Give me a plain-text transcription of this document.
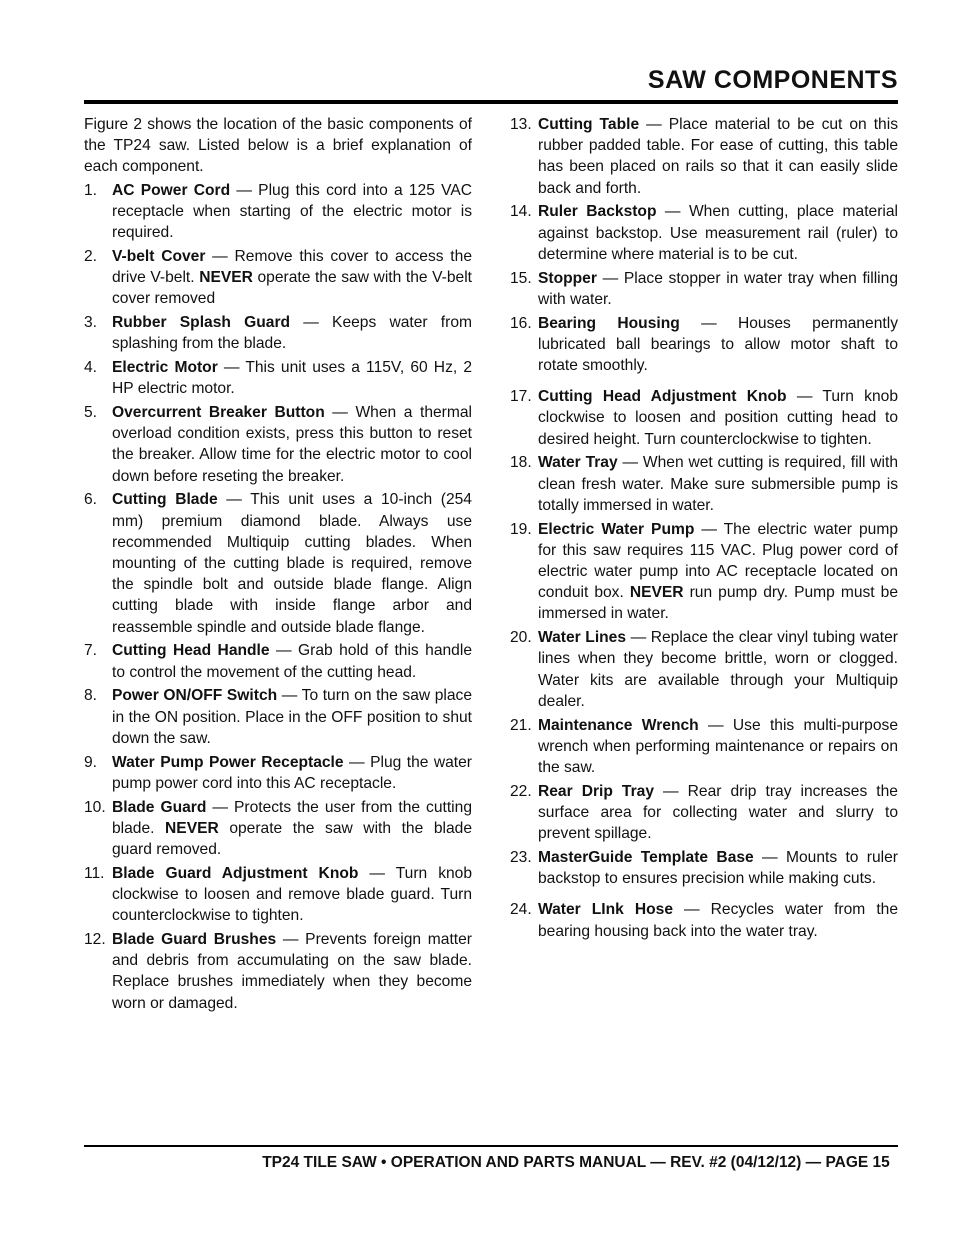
SAW COMPONENTS

Figure 2 shows the location of the basic components of the TP24 saw. Listed below is a brief explanation of each component.

1. AC Power Cord — Plug this cord into a 125 VAC receptacle when starting of the electric motor is required.
2. V-belt Cover — Remove this cover to access the drive V-belt. NEVER operate the saw with the V-belt cover removed
3. Rubber Splash Guard — Keeps water from splashing from the blade.
4. Electric Motor — This unit uses a 115V, 60 Hz, 2 HP electric motor.
5. Overcurrent Breaker Button — When a thermal overload condition exists, press this button to reset the breaker. Allow time for the electric motor to cool down before reseting the breaker.
6. Cutting Blade — This unit uses a 10-inch (254 mm) premium diamond blade. Always use recommended Multiquip cutting blades. When mounting of the cutting blade is required, remove the spindle bolt and outside blade flange. Align cutting blade with inside flange arbor and reassemble spindle and outside blade flange.
7. Cutting Head Handle — Grab hold of this handle to control the movement of the cutting head.
8. Power ON/OFF Switch — To turn on the saw place in the ON position. Place in the OFF position to shut down the saw.
9. Water Pump Power Receptacle — Plug the water pump power cord into this AC receptacle.
10. Blade Guard — Protects the user from the cutting blade. NEVER operate the saw with the blade guard removed.
11. Blade Guard Adjustment Knob — Turn knob clockwise to loosen and remove blade guard. Turn counterclockwise to tighten.
12. Blade Guard Brushes — Prevents foreign matter and debris from accumulating on the saw blade. Replace brushes immediately when they become worn or damaged.
13. Cutting Table — Place material to be cut on this rubber padded table. For ease of cutting, this table has been placed on rails so that it can easily slide back and forth.
14. Ruler Backstop — When cutting, place material against backstop. Use measurement rail (ruler) to determine where material is to be cut.
15. Stopper — Place stopper in water tray when filling with water.
16. Bearing Housing — Houses permanently lubricated ball bearings to allow motor shaft to rotate smoothly.
17. Cutting Head Adjustment Knob — Turn knob clockwise to loosen and position cutting head to desired height. Turn counterclockwise to tighten.
18. Water Tray — When wet cutting is required, fill with clean fresh water. Make sure submersible pump is totally immersed in water.
19. Electric Water Pump — The electric water pump for this saw requires 115 VAC. Plug power cord of electric water pump into AC receptacle located on conduit box. NEVER run pump dry. Pump must be immersed in water.
20. Water Lines — Replace the clear vinyl tubing water lines when they become brittle, worn or clogged. Water kits are available through your Multiquip dealer.
21. Maintenance Wrench — Use this multi-purpose wrench when performing maintenance or repairs on the saw.
22. Rear Drip Tray — Rear drip tray increases the surface area for collecting water and slurry to prevent spillage.
23. MasterGuide Template Base — Mounts to ruler backstop to ensures precision while making cuts.
24. Water LInk Hose — Recycles water from the bearing housing back into the water tray.
TP24 TILE SAW • OPERATION AND PARTS MANUAL — REV. #2 (04/12/12) — PAGE 15
